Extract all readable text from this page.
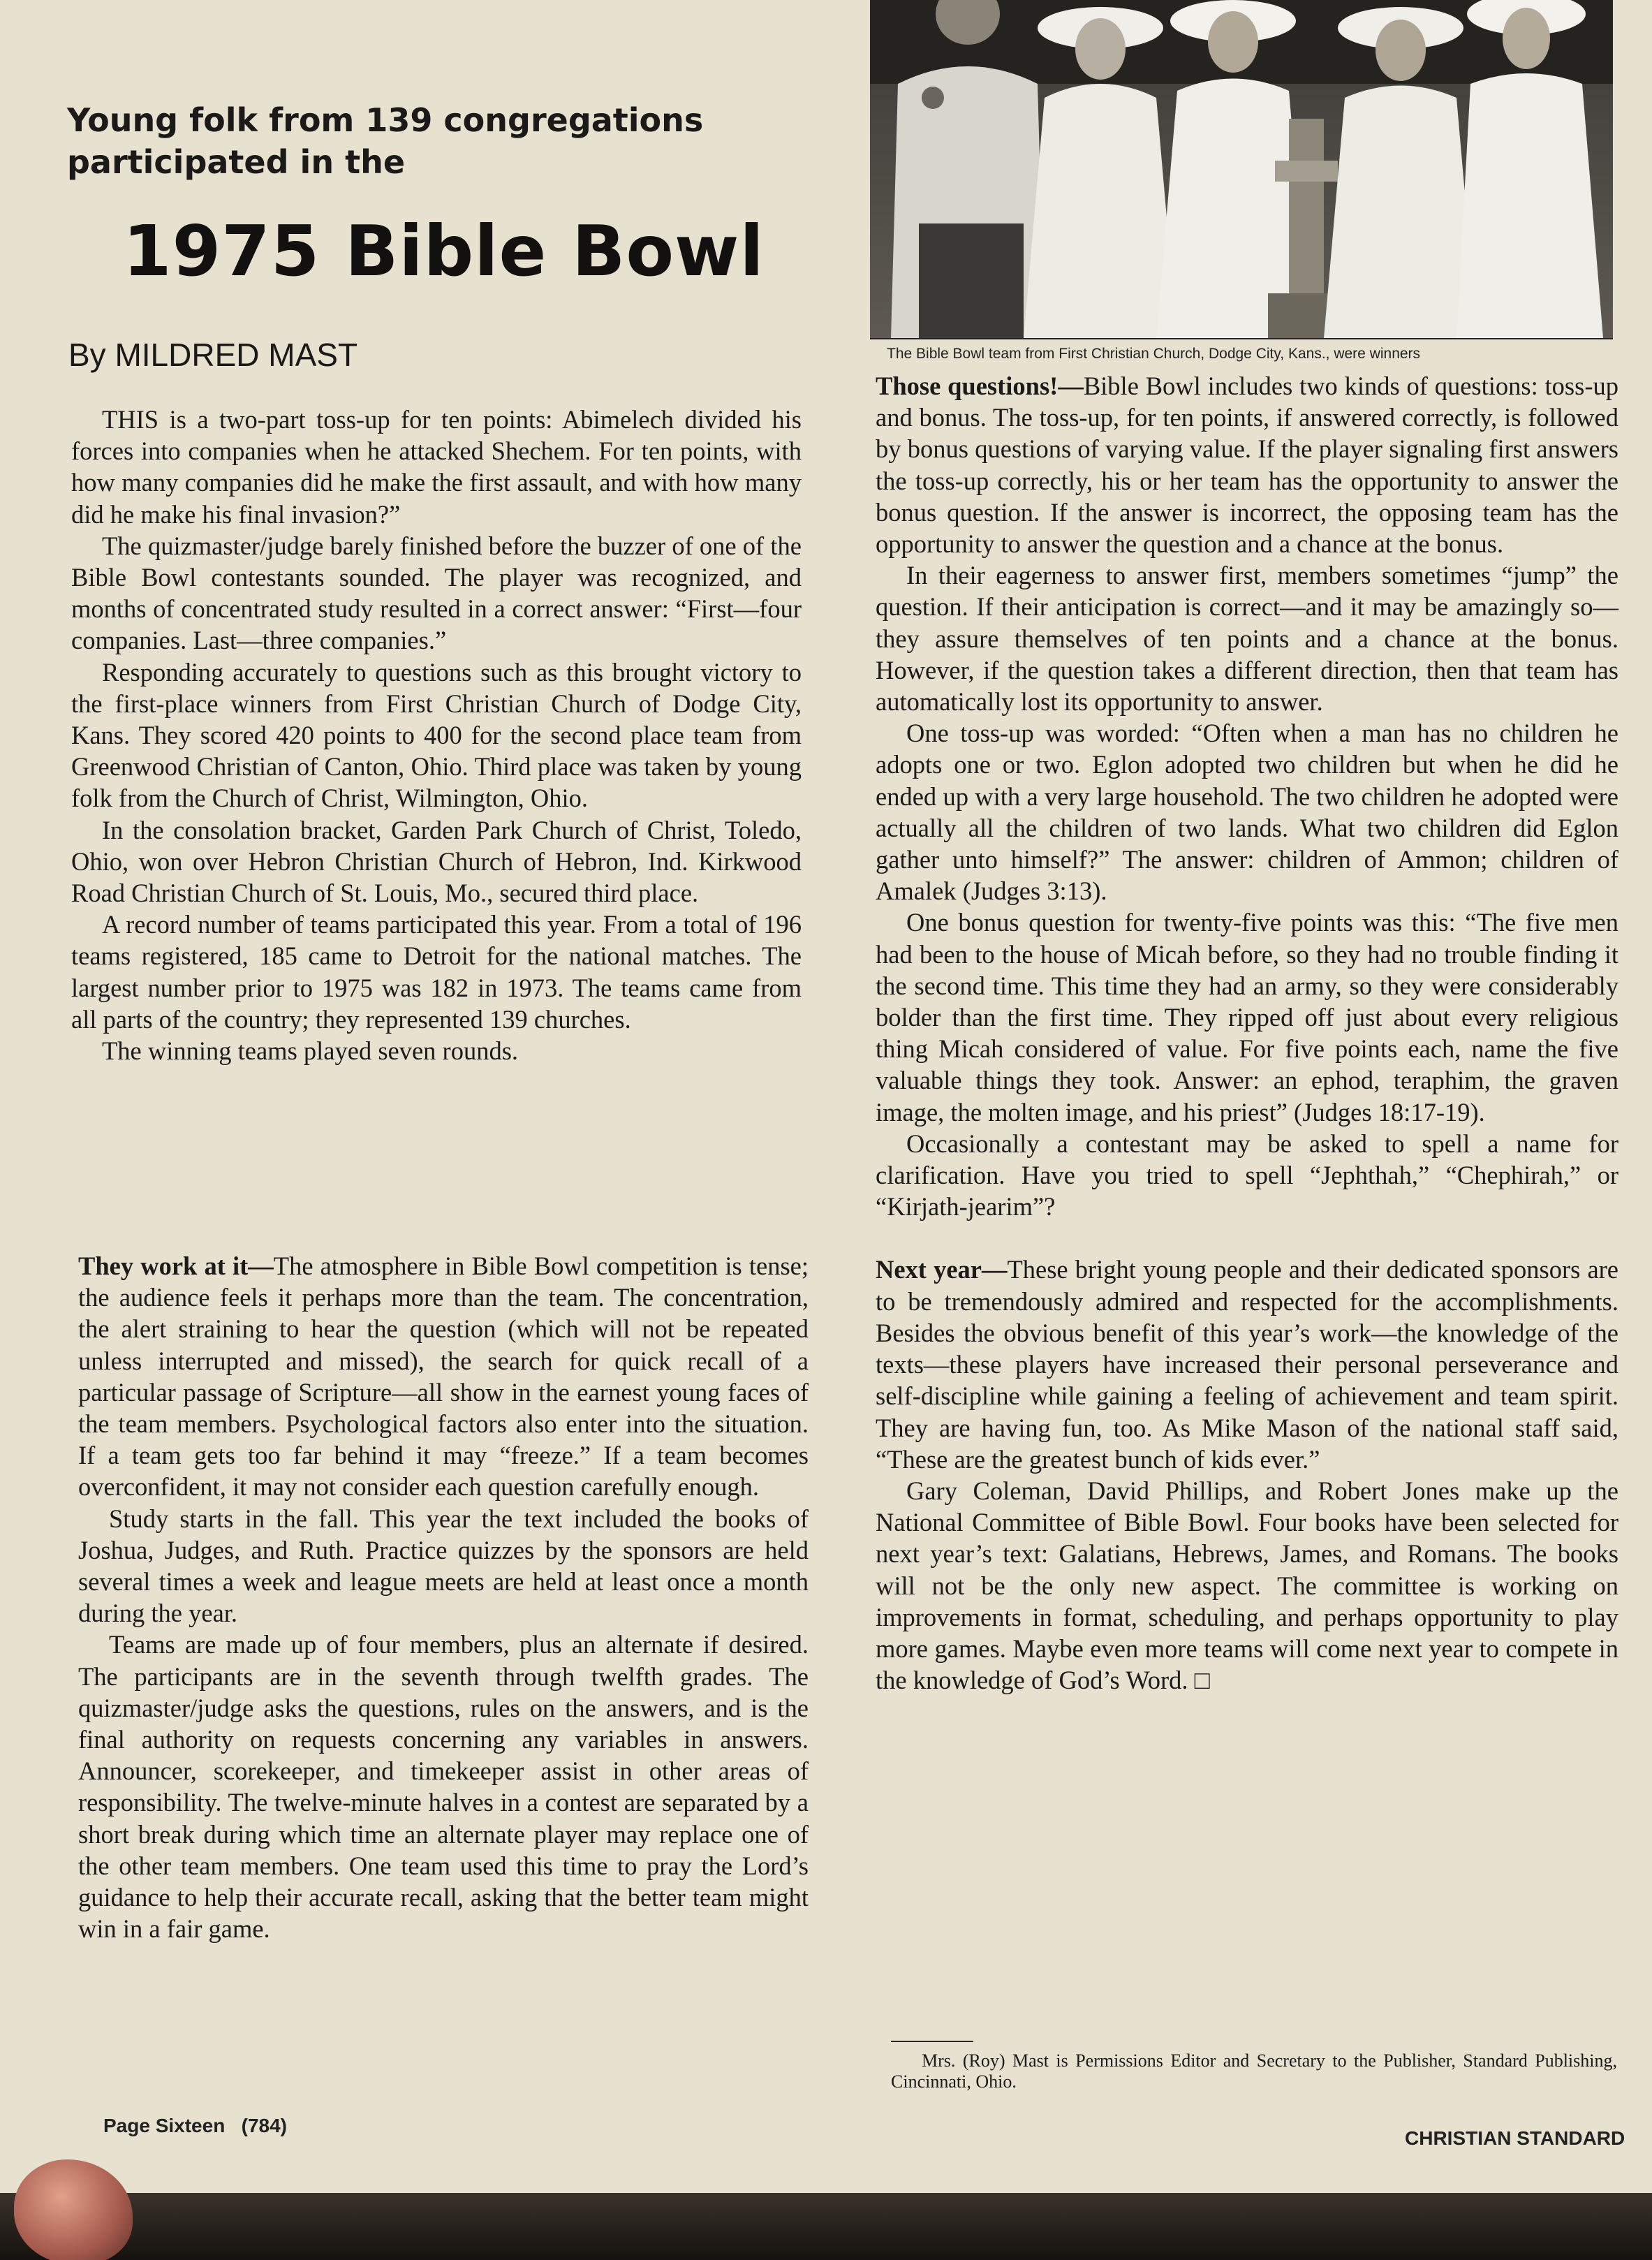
The Bible Bowl team from First Christian Church, Dodge City, Kans., were winners
Young folk from 139 congregations participated in the
1975 Bible Bowl
By MILDRED MAST

THIS is a two-part toss-up for ten points: Abimelech divided his forces into companies when he attacked Shechem. For ten points, with how many companies did he make the first assault, and with how many did he make his final invasion?”

The quizmaster/judge barely finished before the buzzer of one of the Bible Bowl contestants sounded. The player was recognized, and months of concentrated study resulted in a correct answer: “First—four companies. Last—three companies.”

Responding accurately to questions such as this brought victory to the first-place winners from First Christian Church of Dodge City, Kans. They scored 420 points to 400 for the second place team from Greenwood Christian of Canton, Ohio. Third place was taken by young folk from the Church of Christ, Wilmington, Ohio.

In the consolation bracket, Garden Park Church of Christ, Toledo, Ohio, won over Hebron Christian Church of Hebron, Ind. Kirkwood Road Christian Church of St. Louis, Mo., secured third place.

A record number of teams participated this year. From a total of 196 teams registered, 185 came to Detroit for the national matches. The largest number prior to 1975 was 182 in 1973. The teams came from all parts of the country; they represented 139 churches.

The winning teams played seven rounds.

They work at it—The atmosphere in Bible Bowl competition is tense; the audience feels it perhaps more than the team. The concentration, the alert straining to hear the question (which will not be repeated unless interrupted and missed), the search for quick recall of a particular passage of Scripture—all show in the earnest young faces of the team members. Psychological factors also enter into the situation. If a team gets too far behind it may “freeze.” If a team becomes overconfident, it may not consider each question carefully enough.

Study starts in the fall. This year the text included the books of Joshua, Judges, and Ruth. Practice quizzes by the sponsors are held several times a week and league meets are held at least once a month during the year.

Teams are made up of four members, plus an alternate if desired. The participants are in the seventh through twelfth grades. The quizmaster/judge asks the questions, rules on the answers, and is the final authority on requests concerning any variables in answers. Announcer, scorekeeper, and timekeeper assist in other areas of responsibility. The twelve-minute halves in a contest are separated by a short break during which time an alternate player may replace one of the other team members. One team used this time to pray the Lord’s guidance to help their accurate recall, asking that the better team might win in a fair game.

Those questions!—Bible Bowl includes two kinds of questions: toss-up and bonus. The toss-up, for ten points, if answered correctly, is followed by bonus questions of varying value. If the player signaling first answers the toss-up correctly, his or her team has the opportunity to answer the bonus question. If the answer is incorrect, the opposing team has the opportunity to answer the question and a chance at the bonus.

In their eagerness to answer first, members sometimes “jump” the question. If their anticipation is correct—and it may be amazingly so—they assure themselves of ten points and a chance at the bonus. However, if the question takes a different direction, then that team has automatically lost its opportunity to answer.

One toss-up was worded: “Often when a man has no children he adopts one or two. Eglon adopted two children but when he did he ended up with a very large household. The two children he adopted were actually all the children of two lands. What two children did Eglon gather unto himself?” The answer: children of Ammon; children of Amalek (Judges 3:13).

One bonus question for twenty-five points was this: “The five men had been to the house of Micah before, so they had no trouble finding it the second time. This time they had an army, so they were considerably bolder than the first time. They ripped off just about every religious thing Micah considered of value. For five points each, name the five valuable things they took. Answer: an ephod, teraphim, the graven image, the molten image, and his priest” (Judges 18:17-19).

Occasionally a contestant may be asked to spell a name for clarification. Have you tried to spell “Jephthah,” “Chephirah,” or “Kirjath-jearim”?

Next year—These bright young people and their dedicated sponsors are to be tremendously admired and respected for the accomplishments. Besides the obvious benefit of this year’s work—the knowledge of the texts—these players have increased their personal perseverance and self-discipline while gaining a feeling of achievement and team spirit. They are having fun, too. As Mike Mason of the national staff said, “These are the greatest bunch of kids ever.”

Gary Coleman, David Phillips, and Robert Jones make up the National Committee of Bible Bowl. Four books have been selected for next year’s text: Galatians, Hebrews, James, and Romans. The books will not be the only new aspect. The committee is working on improvements in format, scheduling, and perhaps opportunity to play more games. Maybe even more teams will come next year to compete in the knowledge of God’s Word. □

Mrs. (Roy) Mast is Permissions Editor and Secretary to the Publisher, Standard Publishing, Cincinnati, Ohio.
Page Sixteen   (784)
CHRISTIAN STANDARD
